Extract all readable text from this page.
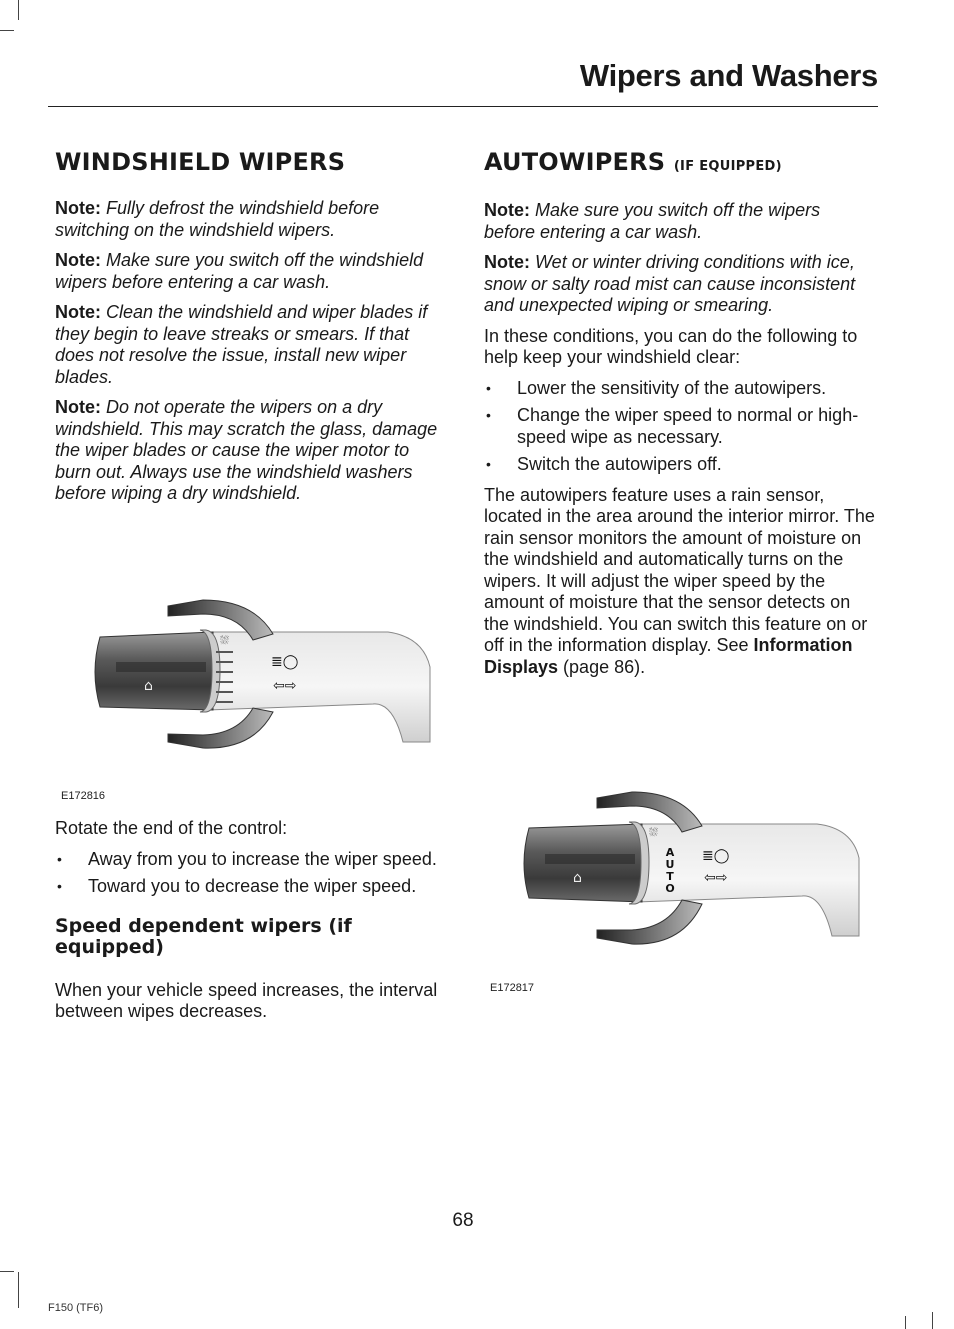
Wipers and Washers
WINDSHIELD WIPERS

Note: Fully defrost the windshield before switching on the windshield wipers.

Note: Make sure you switch off the windshield wipers before entering a car wash.

Note: Clean the windshield and wiper blades if they begin to leave streaks or smears. If that does not resolve the issue, install new wiper blades.

Note: Do not operate the wipers on a dry windshield. This may scratch the glass, damage the wiper blades or cause the wiper motor to burn out. Always use the windshield washers before wiping a dry windshield.

⛆
⌂
≣◯
⇦⇨
E172816

Rotate the end of the control:

• Away from you to increase the wiper speed.
• Toward you to decrease the wiper speed.
Speed dependent wipers (if equipped)

When your vehicle speed increases, the interval between wipes decreases.

AUTOWIPERS (IF EQUIPPED)

Note: Make sure you switch off the wipers before entering a car wash.

Note: Wet or winter driving conditions with ice, snow or salty road mist can cause inconsistent and unexpected wiping or smearing.

In these conditions, you can do the following to help keep your windshield clear:

• Lower the sensitivity of the autowipers.
• Change the wiper speed to normal or high-speed wipe as necessary.
• Switch the autowipers off.

The autowipers feature uses a rain sensor, located in the area around the interior mirror. The rain sensor monitors the amount of moisture on the windshield and automatically turns on the wipers. It will adjust the wiper speed by the amount of moisture that the sensor detects on the windshield. You can switch this feature on or off in the information display. See Information Displays (page 86).

⛆
⌂
≣◯
⇦⇨
A
U
T
O
E172817
68
F150 (TF6)
